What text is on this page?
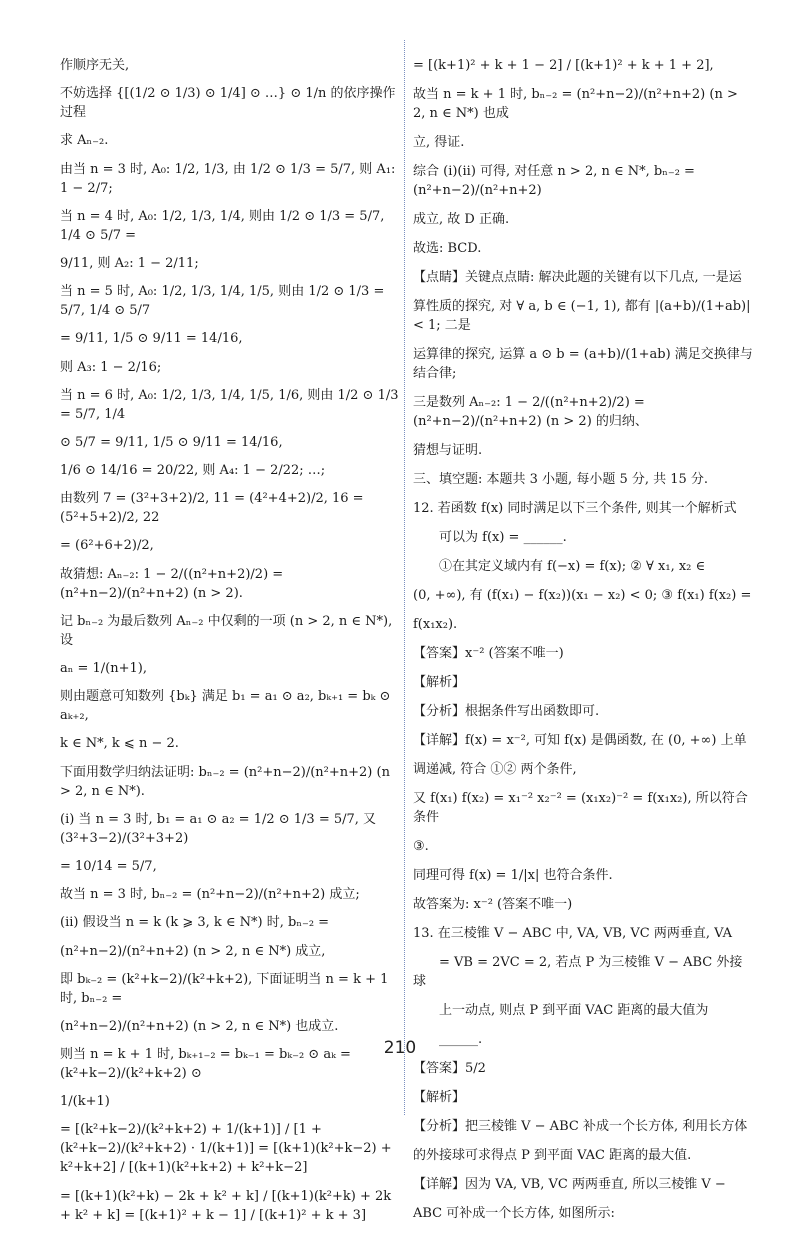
作顺序无关,
不妨选择 {[(1/2 ⊙ 1/3) ⊙ 1/4] ⊙ …} ⊙ 1/n 的依序操作过程
求 Aₙ₋₂.
由当 n = 3 时, A₀: 1/2, 1/3, 由 1/2 ⊙ 1/3 = 5/7, 则 A₁: 1 − 2/7;
当 n = 4 时, A₀: 1/2, 1/3, 1/4, 则由 1/2 ⊙ 1/3 = 5/7, 1/4 ⊙ 5/7 =
9/11, 则 A₂: 1 − 2/11;
当 n = 5 时, A₀: 1/2, 1/3, 1/4, 1/5, 则由 1/2 ⊙ 1/3 = 5/7, 1/4 ⊙ 5/7
= 9/11, 1/5 ⊙ 9/11 = 14/16,
则 A₃: 1 − 2/16;
当 n = 6 时, A₀: 1/2, 1/3, 1/4, 1/5, 1/6, 则由 1/2 ⊙ 1/3 = 5/7, 1/4
⊙ 5/7 = 9/11, 1/5 ⊙ 9/11 = 14/16,
1/6 ⊙ 14/16 = 20/22, 则 A₄: 1 − 2/22; …;
由数列 7 = (3²+3+2)/2, 11 = (4²+4+2)/2, 16 = (5²+5+2)/2, 22
= (6²+6+2)/2,
故猜想: Aₙ₋₂: 1 − 2/((n²+n+2)/2) = (n²+n−2)/(n²+n+2) (n > 2).
记 bₙ₋₂ 为最后数列 Aₙ₋₂ 中仅剩的一项 (n > 2, n ∈ N*), 设
aₙ = 1/(n+1),
则由题意可知数列 {bₖ} 满足 b₁ = a₁ ⊙ a₂, bₖ₊₁ = bₖ ⊙ aₖ₊₂,
k ∈ N*, k ⩽ n − 2.
下面用数学归纳法证明: bₙ₋₂ = (n²+n−2)/(n²+n+2) (n > 2, n ∈ N*).
(i) 当 n = 3 时, b₁ = a₁ ⊙ a₂ = 1/2 ⊙ 1/3 = 5/7, 又 (3²+3−2)/(3²+3+2)
= 10/14 = 5/7,
故当 n = 3 时, bₙ₋₂ = (n²+n−2)/(n²+n+2) 成立;
(ii) 假设当 n = k (k ⩾ 3, k ∈ N*) 时, bₙ₋₂ =
(n²+n−2)/(n²+n+2) (n > 2, n ∈ N*) 成立,
即 bₖ₋₂ = (k²+k−2)/(k²+k+2), 下面证明当 n = k + 1 时, bₙ₋₂ =
(n²+n−2)/(n²+n+2) (n > 2, n ∈ N*) 也成立.
则当 n = k + 1 时, bₖ₊₁₋₂ = bₖ₋₁ = bₖ₋₂ ⊙ aₖ = (k²+k−2)/(k²+k+2) ⊙
1/(k+1)
= [(k²+k−2)/(k²+k+2) + 1/(k+1)] / [1 + (k²+k−2)/(k²+k+2) · 1/(k+1)] = [(k+1)(k²+k−2) + k²+k+2] / [(k+1)(k²+k+2) + k²+k−2]
= [(k+1)(k²+k) − 2k + k² + k] / [(k+1)(k²+k) + 2k + k² + k] = [(k+1)² + k − 1] / [(k+1)² + k + 3]
= [(k+1)² + k + 1 − 2] / [(k+1)² + k + 1 + 2],
故当 n = k + 1 时, bₙ₋₂ = (n²+n−2)/(n²+n+2) (n > 2, n ∈ N*) 也成
立, 得证.
综合 (i)(ii) 可得, 对任意 n > 2, n ∈ N*, bₙ₋₂ = (n²+n−2)/(n²+n+2)
成立, 故 D 正确.
故选: BCD.
【点睛】关键点点睛: 解决此题的关键有以下几点, 一是运
算性质的探究, 对 ∀ a, b ∈ (−1, 1), 都有 |(a+b)/(1+ab)| < 1; 二是
运算律的探究, 运算 a ⊙ b = (a+b)/(1+ab) 满足交换律与结合律;
三是数列 Aₙ₋₂: 1 − 2/((n²+n+2)/2) = (n²+n−2)/(n²+n+2) (n > 2) 的归纳、
猜想与证明.
三、填空题: 本题共 3 小题, 每小题 5 分, 共 15 分.
12. 若函数 f(x) 同时满足以下三个条件, 则其一个解析式
　　可以为 f(x) = ______.
　　①在其定义域内有 f(−x) = f(x); ② ∀ x₁, x₂ ∈
(0, +∞), 有 (f(x₁) − f(x₂))(x₁ − x₂) < 0; ③ f(x₁) f(x₂) =
f(x₁x₂).
【答案】x⁻² (答案不唯一)
【解析】
【分析】根据条件写出函数即可.
【详解】f(x) = x⁻², 可知 f(x) 是偶函数, 在 (0, +∞) 上单
调递减, 符合 ①② 两个条件,
又 f(x₁) f(x₂) = x₁⁻² x₂⁻² = (x₁x₂)⁻² = f(x₁x₂), 所以符合条件
③.
同理可得 f(x) = 1/|x| 也符合条件.
故答案为: x⁻² (答案不唯一)
13. 在三棱锥 V − ABC 中, VA, VB, VC 两两垂直, VA
　　= VB = 2VC = 2, 若点 P 为三棱锥 V − ABC 外接球
　　上一动点, 则点 P 到平面 VAC 距离的最大值为
　　______.
【答案】5/2
【解析】
【分析】把三棱锥 V − ABC 补成一个长方体, 利用长方体
的外接球可求得点 P 到平面 VAC 距离的最大值.
【详解】因为 VA, VB, VC 两两垂直, 所以三棱锥 V −
ABC 可补成一个长方体, 如图所示:
210
